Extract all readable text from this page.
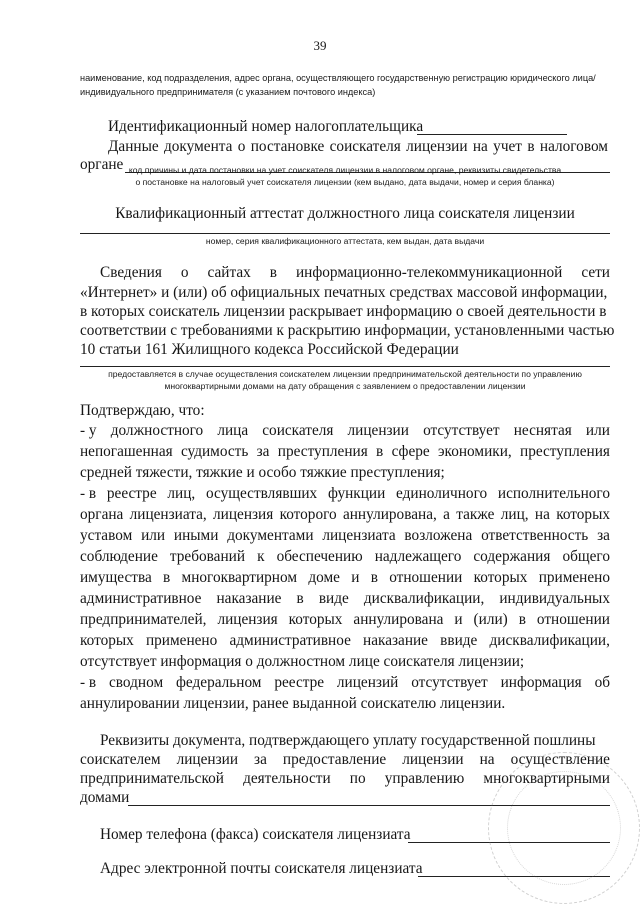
39
наименование, код подразделения, адрес органа, осуществляющего государственную регистрацию юридического лица/
индивидуального предпринимателя (с указанием почтового индекса)
Идентификационный номер налогоплательщика
Данные документа о постановке соискателя лицензии на учет в налоговом
органе код причины и дата постановки на учет соискателя лицензии в налоговом органе, реквизиты свидетельства
о постановке на налоговый учет соискателя лицензии (кем выдано, дата выдачи, номер и серия бланка)
Квалификационный аттестат должностного лица соискателя лицензии
номер, серия квалификационного аттестата, кем выдан, дата выдачи
Сведения о сайтах в информационно-телекоммуникационной сети
«Интернет» и (или) об официальных печатных средствах массовой информации,
в которых соискатель лицензии раскрывает информацию о своей деятельности в
соответствии с требованиями к раскрытию информации, установленными частью
10 статьи 161 Жилищного кодекса Российской Федерации
предоставляется в случае осуществления соискателем лицензии предпринимательской деятельности по управлению
многоквартирными домами на дату обращения с заявлением о предоставлении лицензии
Подтверждаю, что:
- у должностного лица соискателя лицензии отсутствует неснятая или
непогашенная судимость за преступления в сфере экономики, преступления
средней тяжести, тяжкие и особо тяжкие преступления;
- в реестре лиц, осуществлявших функции единоличного исполнительного
органа лицензиата, лицензия которого аннулирована, а также лиц, на которых
уставом или иными документами лицензиата возложена ответственность за
соблюдение требований к обеспечению надлежащего содержания общего
имущества в многоквартирном доме и в отношении которых применено
административное наказание в виде дисквалификации, индивидуальных
предпринимателей, лицензия которых аннулирована и (или) в отношении
которых применено административное наказание ввиде дисквалификации,
отсутствует информация о должностном лице соискателя лицензии;
- в сводном федеральном реестре лицензий отсутствует информация об
аннулировании лицензии, ранее выданной соискателю лицензии.
Реквизиты документа, подтверждающего уплату государственной пошлины
соискателем лицензии за предоставление лицензии на осуществление
предпринимательской деятельности по управлению многоквартирными
домами
Номер телефона (факса) соискателя лицензиата
Адрес электронной почты соискателя лицензиата
